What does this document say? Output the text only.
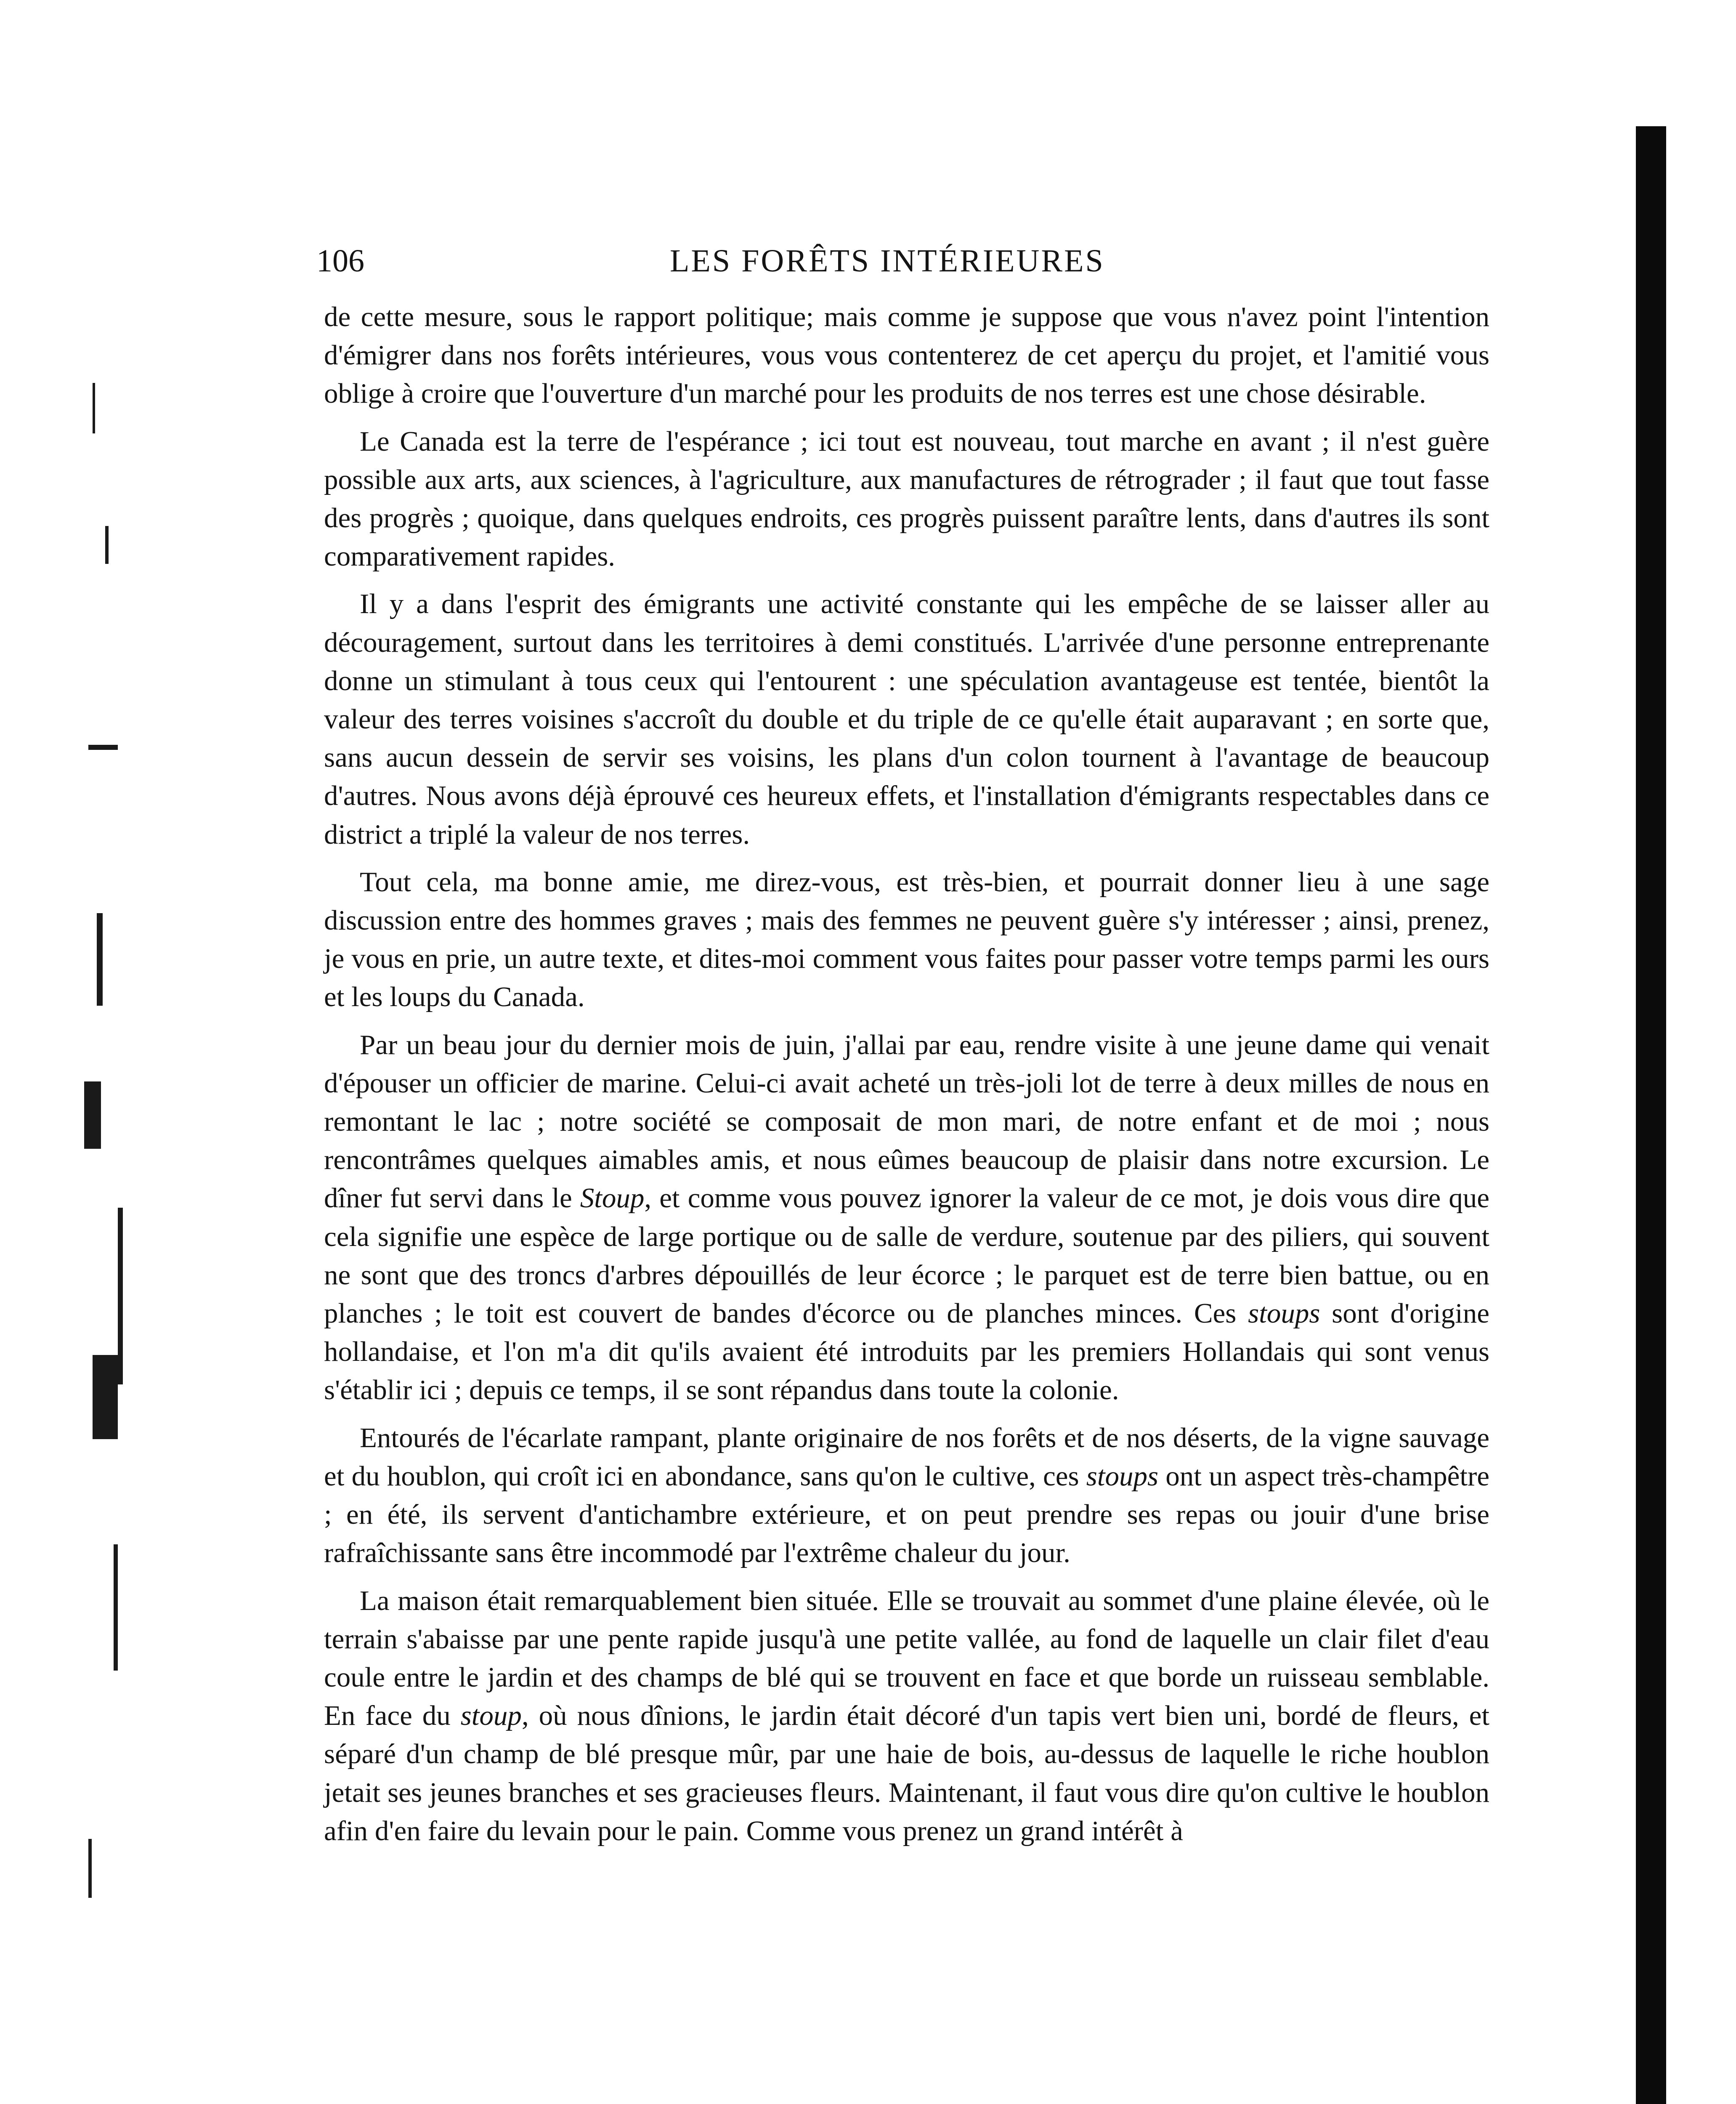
106	LES FORÊTS INTÉRIEURES

de cette mesure, sous le rapport politique; mais comme je suppose que vous n'avez point l'intention d'émigrer dans nos forêts intérieures, vous vous contenterez de cet aperçu du projet, et l'amitié vous oblige à croire que l'ouverture d'un marché pour les produits de nos terres est une chose désirable.

Le Canada est la terre de l'espérance ; ici tout est nouveau, tout marche en avant ; il n'est guère possible aux arts, aux sciences, à l'agriculture, aux manufactures de rétrograder ; il faut que tout fasse des progrès ; quoique, dans quelques endroits, ces progrès puissent paraître lents, dans d'autres ils sont comparativement rapides.

Il y a dans l'esprit des émigrants une activité constante qui les empêche de se laisser aller au découragement, surtout dans les territoires à demi constitués. L'arrivée d'une personne entreprenante donne un stimulant à tous ceux qui l'entourent : une spéculation avantageuse est tentée, bientôt la valeur des terres voisines s'accroît du double et du triple de ce qu'elle était auparavant ; en sorte que, sans aucun dessein de servir ses voisins, les plans d'un colon tournent à l'avantage de beaucoup d'autres. Nous avons déjà éprouvé ces heureux effets, et l'installation d'émigrants respectables dans ce district a triplé la valeur de nos terres.

Tout cela, ma bonne amie, me direz-vous, est très-bien, et pourrait donner lieu à une sage discussion entre des hommes graves ; mais des femmes ne peuvent guère s'y intéresser ; ainsi, prenez, je vous en prie, un autre texte, et dites-moi comment vous faites pour passer votre temps parmi les ours et les loups du Canada.

Par un beau jour du dernier mois de juin, j'allai par eau, rendre visite à une jeune dame qui venait d'épouser un officier de marine. Celui-ci avait acheté un très-joli lot de terre à deux milles de nous en remontant le lac ; notre société se composait de mon mari, de notre enfant et de moi ; nous rencontrâmes quelques aimables amis, et nous eûmes beaucoup de plaisir dans notre excursion. Le dîner fut servi dans le Stoup, et comme vous pouvez ignorer la valeur de ce mot, je dois vous dire que cela signifie une espèce de large portique ou de salle de verdure, soutenue par des piliers, qui souvent ne sont que des troncs d'arbres dépouillés de leur écorce ; le parquet est de terre bien battue, ou en planches ; le toit est couvert de bandes d'écorce ou de planches minces. Ces stoups sont d'origine hollandaise, et l'on m'a dit qu'ils avaient été introduits par les premiers Hollandais qui sont venus s'établir ici ; depuis ce temps, il se sont répandus dans toute la colonie.

Entourés de l'écarlate rampant, plante originaire de nos forêts et de nos déserts, de la vigne sauvage et du houblon, qui croît ici en abondance, sans qu'on le cultive, ces stoups ont un aspect très-champêtre ; en été, ils servent d'antichambre extérieure, et on peut prendre ses repas ou jouir d'une brise rafraîchissante sans être incommodé par l'extrême chaleur du jour.

La maison était remarquablement bien située. Elle se trouvait au sommet d'une plaine élevée, où le terrain s'abaisse par une pente rapide jusqu'à une petite vallée, au fond de laquelle un clair filet d'eau coule entre le jardin et des champs de blé qui se trouvent en face et que borde un ruisseau semblable. En face du stoup, où nous dînions, le jardin était décoré d'un tapis vert bien uni, bordé de fleurs, et séparé d'un champ de blé presque mûr, par une haie de bois, au-dessus de laquelle le riche houblon jetait ses jeunes branches et ses gracieuses fleurs. Maintenant, il faut vous dire qu'on cultive le houblon afin d'en faire du levain pour le pain. Comme vous prenez un grand intérêt à
